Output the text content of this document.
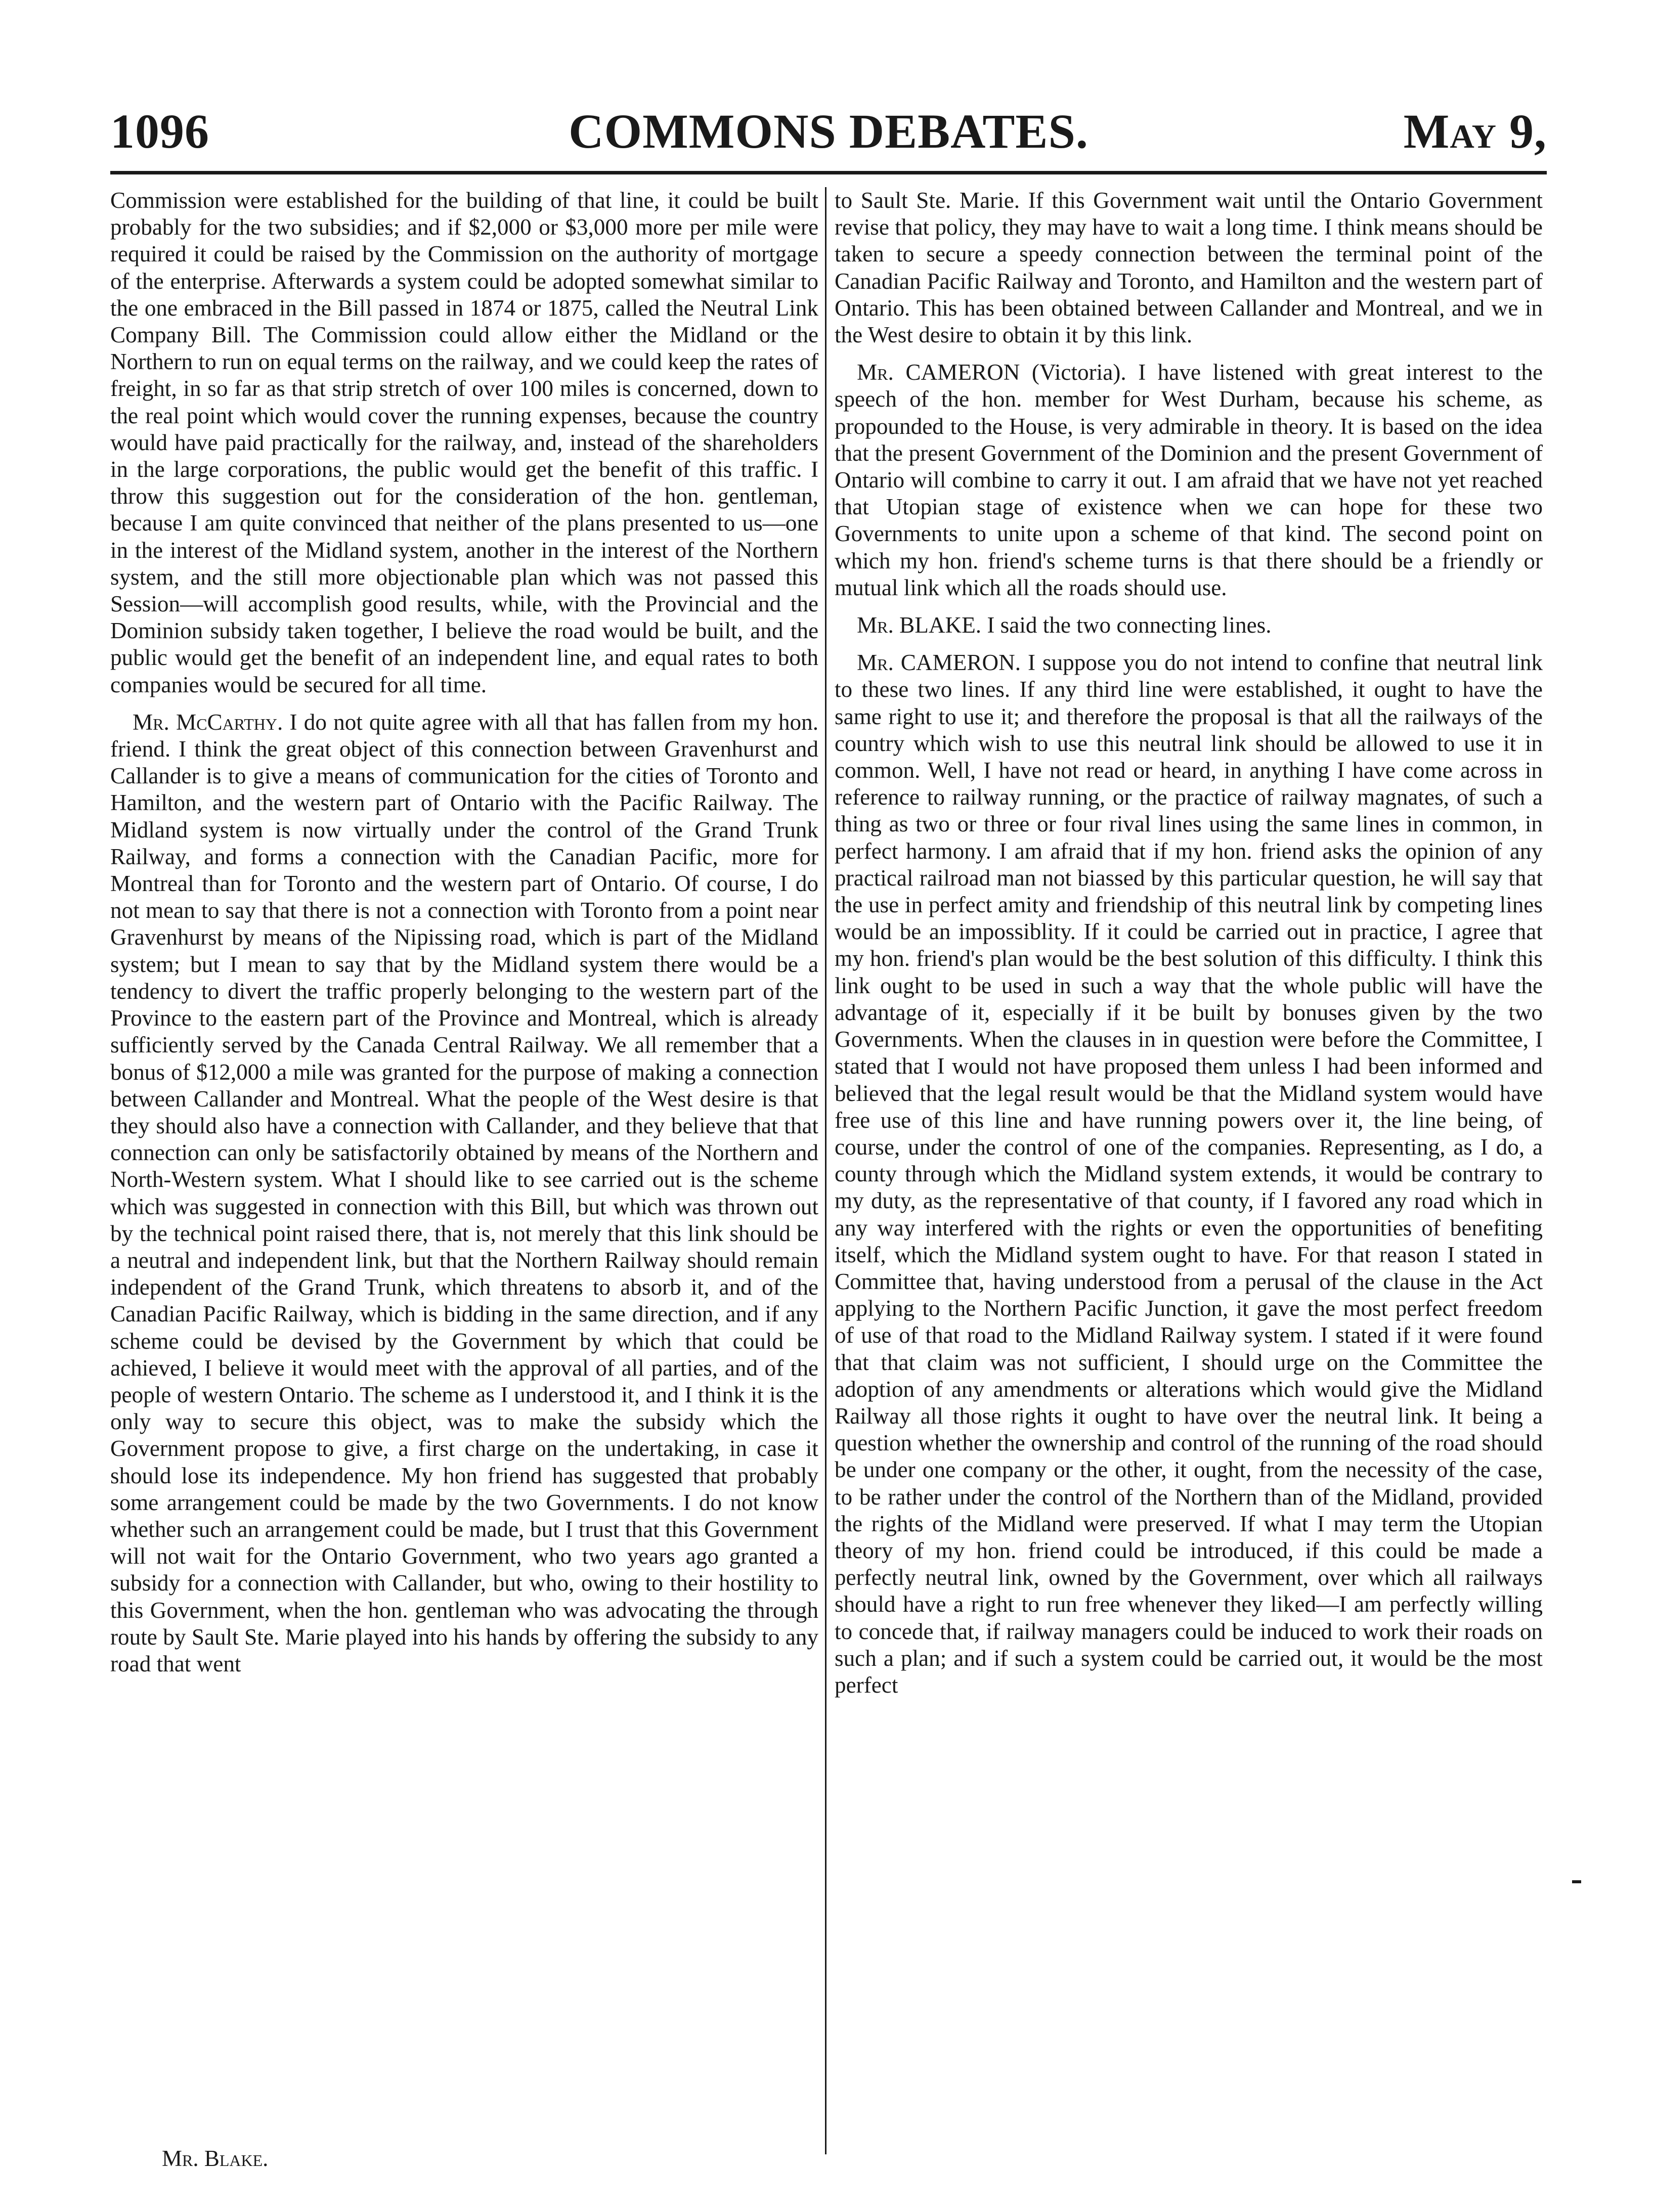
1096	COMMONS DEBATES.	May 9,

Commission were established for the building of that line, it could be built probably for the two subsidies; and if $2,000 or $3,000 more per mile were required it could be raised by the Commission on the authority of mortgage of the enterprise. Afterwards a system could be adopted somewhat similar to the one embraced in the Bill passed in 1874 or 1875, called the Neutral Link Company Bill. The Commission could allow either the Midland or the Northern to run on equal terms on the railway, and we could keep the rates of freight, in so far as that strip stretch of over 100 miles is concerned, down to the real point which would cover the running expenses, because the country would have paid practically for the railway, and, instead of the shareholders in the large corporations, the public would get the benefit of this traffic. I throw this suggestion out for the consideration of the hon. gentleman, because I am quite convinced that neither of the plans presented to us—one in the interest of the Midland system, another in the interest of the Northern system, and the still more objectionable plan which was not passed this Session—will accomplish good results, while, with the Provincial and the Dominion subsidy taken together, I believe the road would be built, and the public would get the benefit of an independent line, and equal rates to both companies would be secured for all time.

Mr. McCarthy. I do not quite agree with all that has fallen from my hon. friend. I think the great object of this connection between Gravenhurst and Callander is to give a means of communication for the cities of Toronto and Hamilton, and the western part of Ontario with the Pacific Railway. The Midland system is now virtually under the control of the Grand Trunk Railway, and forms a connection with the Canadian Pacific, more for Montreal than for Toronto and the western part of Ontario. Of course, I do not mean to say that there is not a connection with Toronto from a point near Gravenhurst by means of the Nipissing road, which is part of the Midland system; but I mean to say that by the Midland system there would be a tendency to divert the traffic properly belonging to the western part of the Province to the eastern part of the Province and Montreal, which is already sufficiently served by the Canada Central Railway. We all remember that a bonus of $12,000 a mile was granted for the purpose of making a connection between Callander and Montreal. What the people of the West desire is that they should also have a connection with Callander, and they believe that that connection can only be satisfactorily obtained by means of the Northern and North-Western system. What I should like to see carried out is the scheme which was suggested in connection with this Bill, but which was thrown out by the technical point raised there, that is, not merely that this link should be a neutral and independent link, but that the Northern Railway should remain independent of the Grand Trunk, which threatens to absorb it, and of the Canadian Pacific Railway, which is bidding in the same direction, and if any scheme could be devised by the Government by which that could be achieved, I believe it would meet with the approval of all parties, and of the people of western Ontario. The scheme as I understood it, and I think it is the only way to secure this object, was to make the subsidy which the Government propose to give, a first charge on the undertaking, in case it should lose its independence. My hon friend has suggested that probably some arrangement could be made by the two Governments. I do not know whether such an arrangement could be made, but I trust that this Government will not wait for the Ontario Government, who two years ago granted a subsidy for a connection with Callander, but who, owing to their hostility to this Government, when the hon. gentleman who was advocating the through route by Sault Ste. Marie played into his hands by offering the subsidy to any road that went

to Sault Ste. Marie. If this Government wait until the Ontario Government revise that policy, they may have to wait a long time. I think means should be taken to secure a speedy connection between the terminal point of the Canadian Pacific Railway and Toronto, and Hamilton and the western part of Ontario. This has been obtained between Callander and Montreal, and we in the West desire to obtain it by this link.

Mr. CAMERON (Victoria). I have listened with great interest to the speech of the hon. member for West Durham, because his scheme, as propounded to the House, is very admirable in theory. It is based on the idea that the present Government of the Dominion and the present Government of Ontario will combine to carry it out. I am afraid that we have not yet reached that Utopian stage of existence when we can hope for these two Governments to unite upon a scheme of that kind. The second point on which my hon. friend's scheme turns is that there should be a friendly or mutual link which all the roads should use.

Mr. BLAKE. I said the two connecting lines.

Mr. CAMERON. I suppose you do not intend to confine that neutral link to these two lines. If any third line were established, it ought to have the same right to use it; and therefore the proposal is that all the railways of the country which wish to use this neutral link should be allowed to use it in common. Well, I have not read or heard, in anything I have come across in reference to railway running, or the practice of railway magnates, of such a thing as two or three or four rival lines using the same lines in common, in perfect harmony. I am afraid that if my hon. friend asks the opinion of any practical railroad man not biassed by this particular question, he will say that the use in perfect amity and friendship of this neutral link by competing lines would be an impossiblity. If it could be carried out in practice, I agree that my hon. friend's plan would be the best solution of this difficulty. I think this link ought to be used in such a way that the whole public will have the advantage of it, especially if it be built by bonuses given by the two Governments. When the clauses in in question were before the Committee, I stated that I would not have proposed them unless I had been informed and believed that the legal result would be that the Midland system would have free use of this line and have running powers over it, the line being, of course, under the control of one of the companies. Representing, as I do, a county through which the Midland system extends, it would be contrary to my duty, as the representative of that county, if I favored any road which in any way interfered with the rights or even the opportunities of benefiting itself, which the Midland system ought to have. For that reason I stated in Committee that, having understood from a perusal of the clause in the Act applying to the Northern Pacific Junction, it gave the most perfect freedom of use of that road to the Midland Railway system. I stated if it were found that that claim was not sufficient, I should urge on the Committee the adoption of any amendments or alterations which would give the Midland Railway all those rights it ought to have over the neutral link. It being a question whether the ownership and control of the running of the road should be under one company or the other, it ought, from the necessity of the case, to be rather under the control of the Northern than of the Midland, provided the rights of the Midland were preserved. If what I may term the Utopian theory of my hon. friend could be introduced, if this could be made a perfectly neutral link, owned by the Government, over which all railways should have a right to run free whenever they liked—I am perfectly willing to concede that, if railway managers could be induced to work their roads on such a plan; and if such a system could be carried out, it would be the most perfect

Mr. Blake.
